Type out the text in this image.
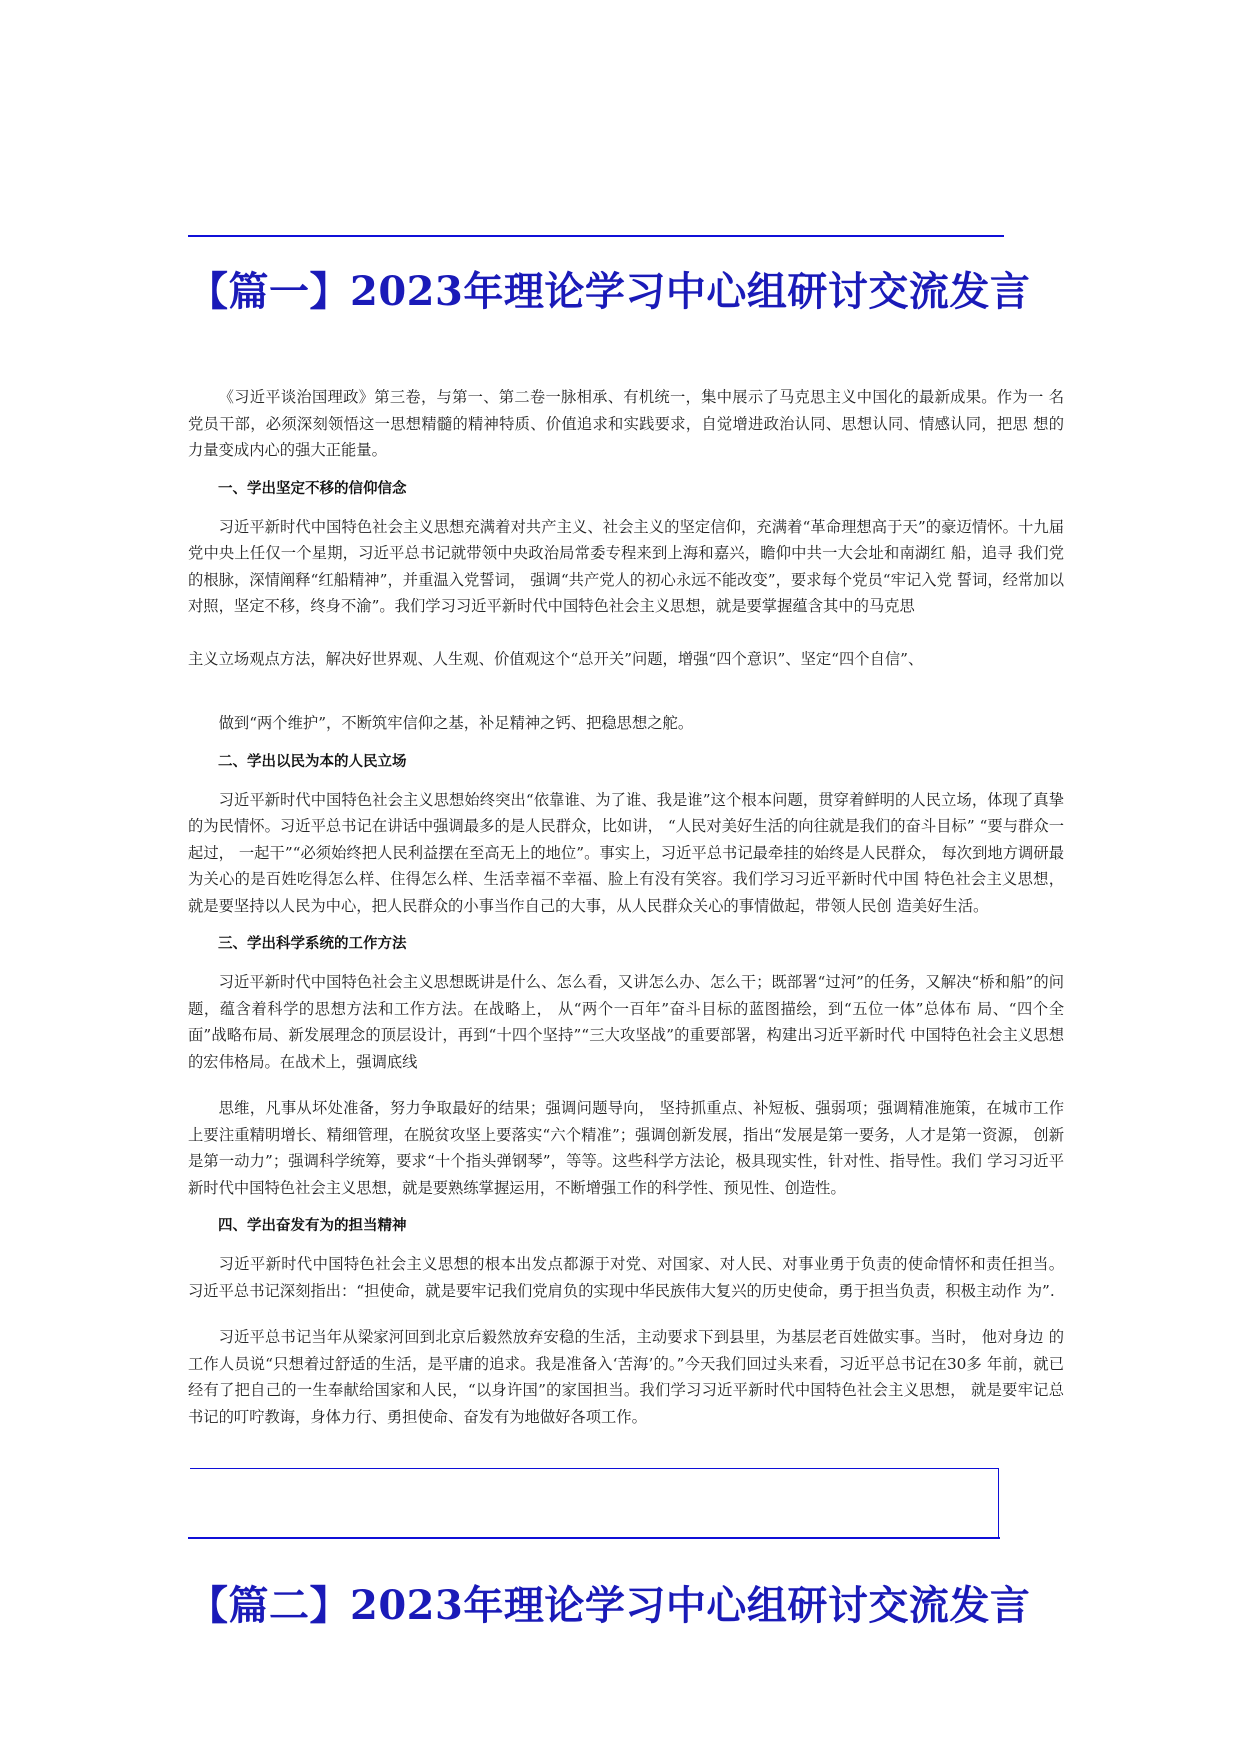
【篇一】2023年理论学习中心组研讨交流发言

《习近平谈治国理政》第三卷，与第一、第二卷一脉相承、有机统一，集中展示了马克思主义中国化的最新成果。作为一 名党员干部，必须深刻领悟这一思想精髓的精神特质、价值追求和实践要求，自觉增进政治认同、思想认同、情感认同，把思 想的力量变成内心的强大正能量。

一、学出坚定不移的信仰信念

习近平新时代中国特色社会主义思想充满着对共产主义、社会主义的坚定信仰，充满着“革命理想高于天”的豪迈情怀。十九届党中央上任仅一个星期，习近平总书记就带领中央政治局常委专程来到上海和嘉兴，瞻仰中共一大会址和南湖红 船，追寻 我们党的根脉，深情阐释“红船精神”，并重温入党誓词， 强调“共产党人的初心永远不能改变”，要求每个党员“牢记入党 誓词，经常加以对照，坚定不移，终身不渝”。我们学习习近平新时代中国特色社会主义思想，就是要掌握蕴含其中的马克思

主义立场观点方法，解决好世界观、人生观、价值观这个“总开关”问题，增强“四个意识”、坚定“四个自信”、

做到“两个维护”，不断筑牢信仰之基，补足精神之钙、把稳思想之舵。

二、学出以民为本的人民立场

习近平新时代中国特色社会主义思想始终突出“依靠谁、为了谁、我是谁”这个根本问题，贯穿着鲜明的人民立场，体现了真挚的为民情怀。习近平总书记在讲话中强调最多的是人民群众，比如讲， “人民对美好生活的向往就是我们的奋斗目标” “要与群众一起过， 一起干”“必须始终把人民利益摆在至高无上的地位”。事实上，习近平总书记最牵挂的始终是人民群众， 每次到地方调研最为关心的是百姓吃得怎么样、住得怎么样、生活幸福不幸福、脸上有没有笑容。我们学习习近平新时代中国 特色社会主义思想，就是要坚持以人民为中心，把人民群众的小事当作自己的大事，从人民群众关心的事情做起，带领人民创 造美好生活。

三、学出科学系统的工作方法

习近平新时代中国特色社会主义思想既讲是什么、怎么看，又讲怎么办、怎么干；既部署“过河”的任务，又解决“桥和船”的问题，蕴含着科学的思想方法和工作方法。在战略上， 从“两个一百年”奋斗目标的蓝图描绘，到“五位一体”总体布 局、“四个全面”战略布局、新发展理念的顶层设计，再到“十四个坚持”“三大攻坚战”的重要部署，构建出习近平新时代 中国特色社会主义思想的宏伟格局。在战术上，强调底线

思维，凡事从坏处准备，努力争取最好的结果；强调问题导向， 坚持抓重点、补短板、强弱项；强调精准施策，在城市工作 上要注重精明增长、精细管理，在脱贫攻坚上要落实“六个精准”；强调创新发展，指出“发展是第一要务，人才是第一资源， 创新是第一动力”；强调科学统筹，要求“十个指头弹钢琴”，等等。这些科学方法论，极具现实性，针对性、指导性。我们 学习习近平新时代中国特色社会主义思想，就是要熟练掌握运用，不断增强工作的科学性、预见性、创造性。

四、学出奋发有为的担当精神

习近平新时代中国特色社会主义思想的根本出发点都源于对党、对国家、对人民、对事业勇于负责的使命情怀和责任担当。 习近平总书记深刻指出：“担使命，就是要牢记我们党肩负的实现中华民族伟大复兴的历史使命，勇于担当负责，积极主动作 为”.

习近平总书记当年从梁家河回到北京后毅然放弃安稳的生活，主动要求下到县里，为基层老百姓做实事。当时， 他对身边 的工作人员说“只想着过舒适的生活，是平庸的追求。我是准备入‘苦海’的。”今天我们回过头来看，习近平总书记在30多 年前，就已经有了把自己的一生奉献给国家和人民，“以身许国”的家国担当。我们学习习近平新时代中国特色社会主义思想， 就是要牢记总书记的叮咛教诲，身体力行、勇担使命、奋发有为地做好各项工作。

【篇二】2023年理论学习中心组研讨交流发言
